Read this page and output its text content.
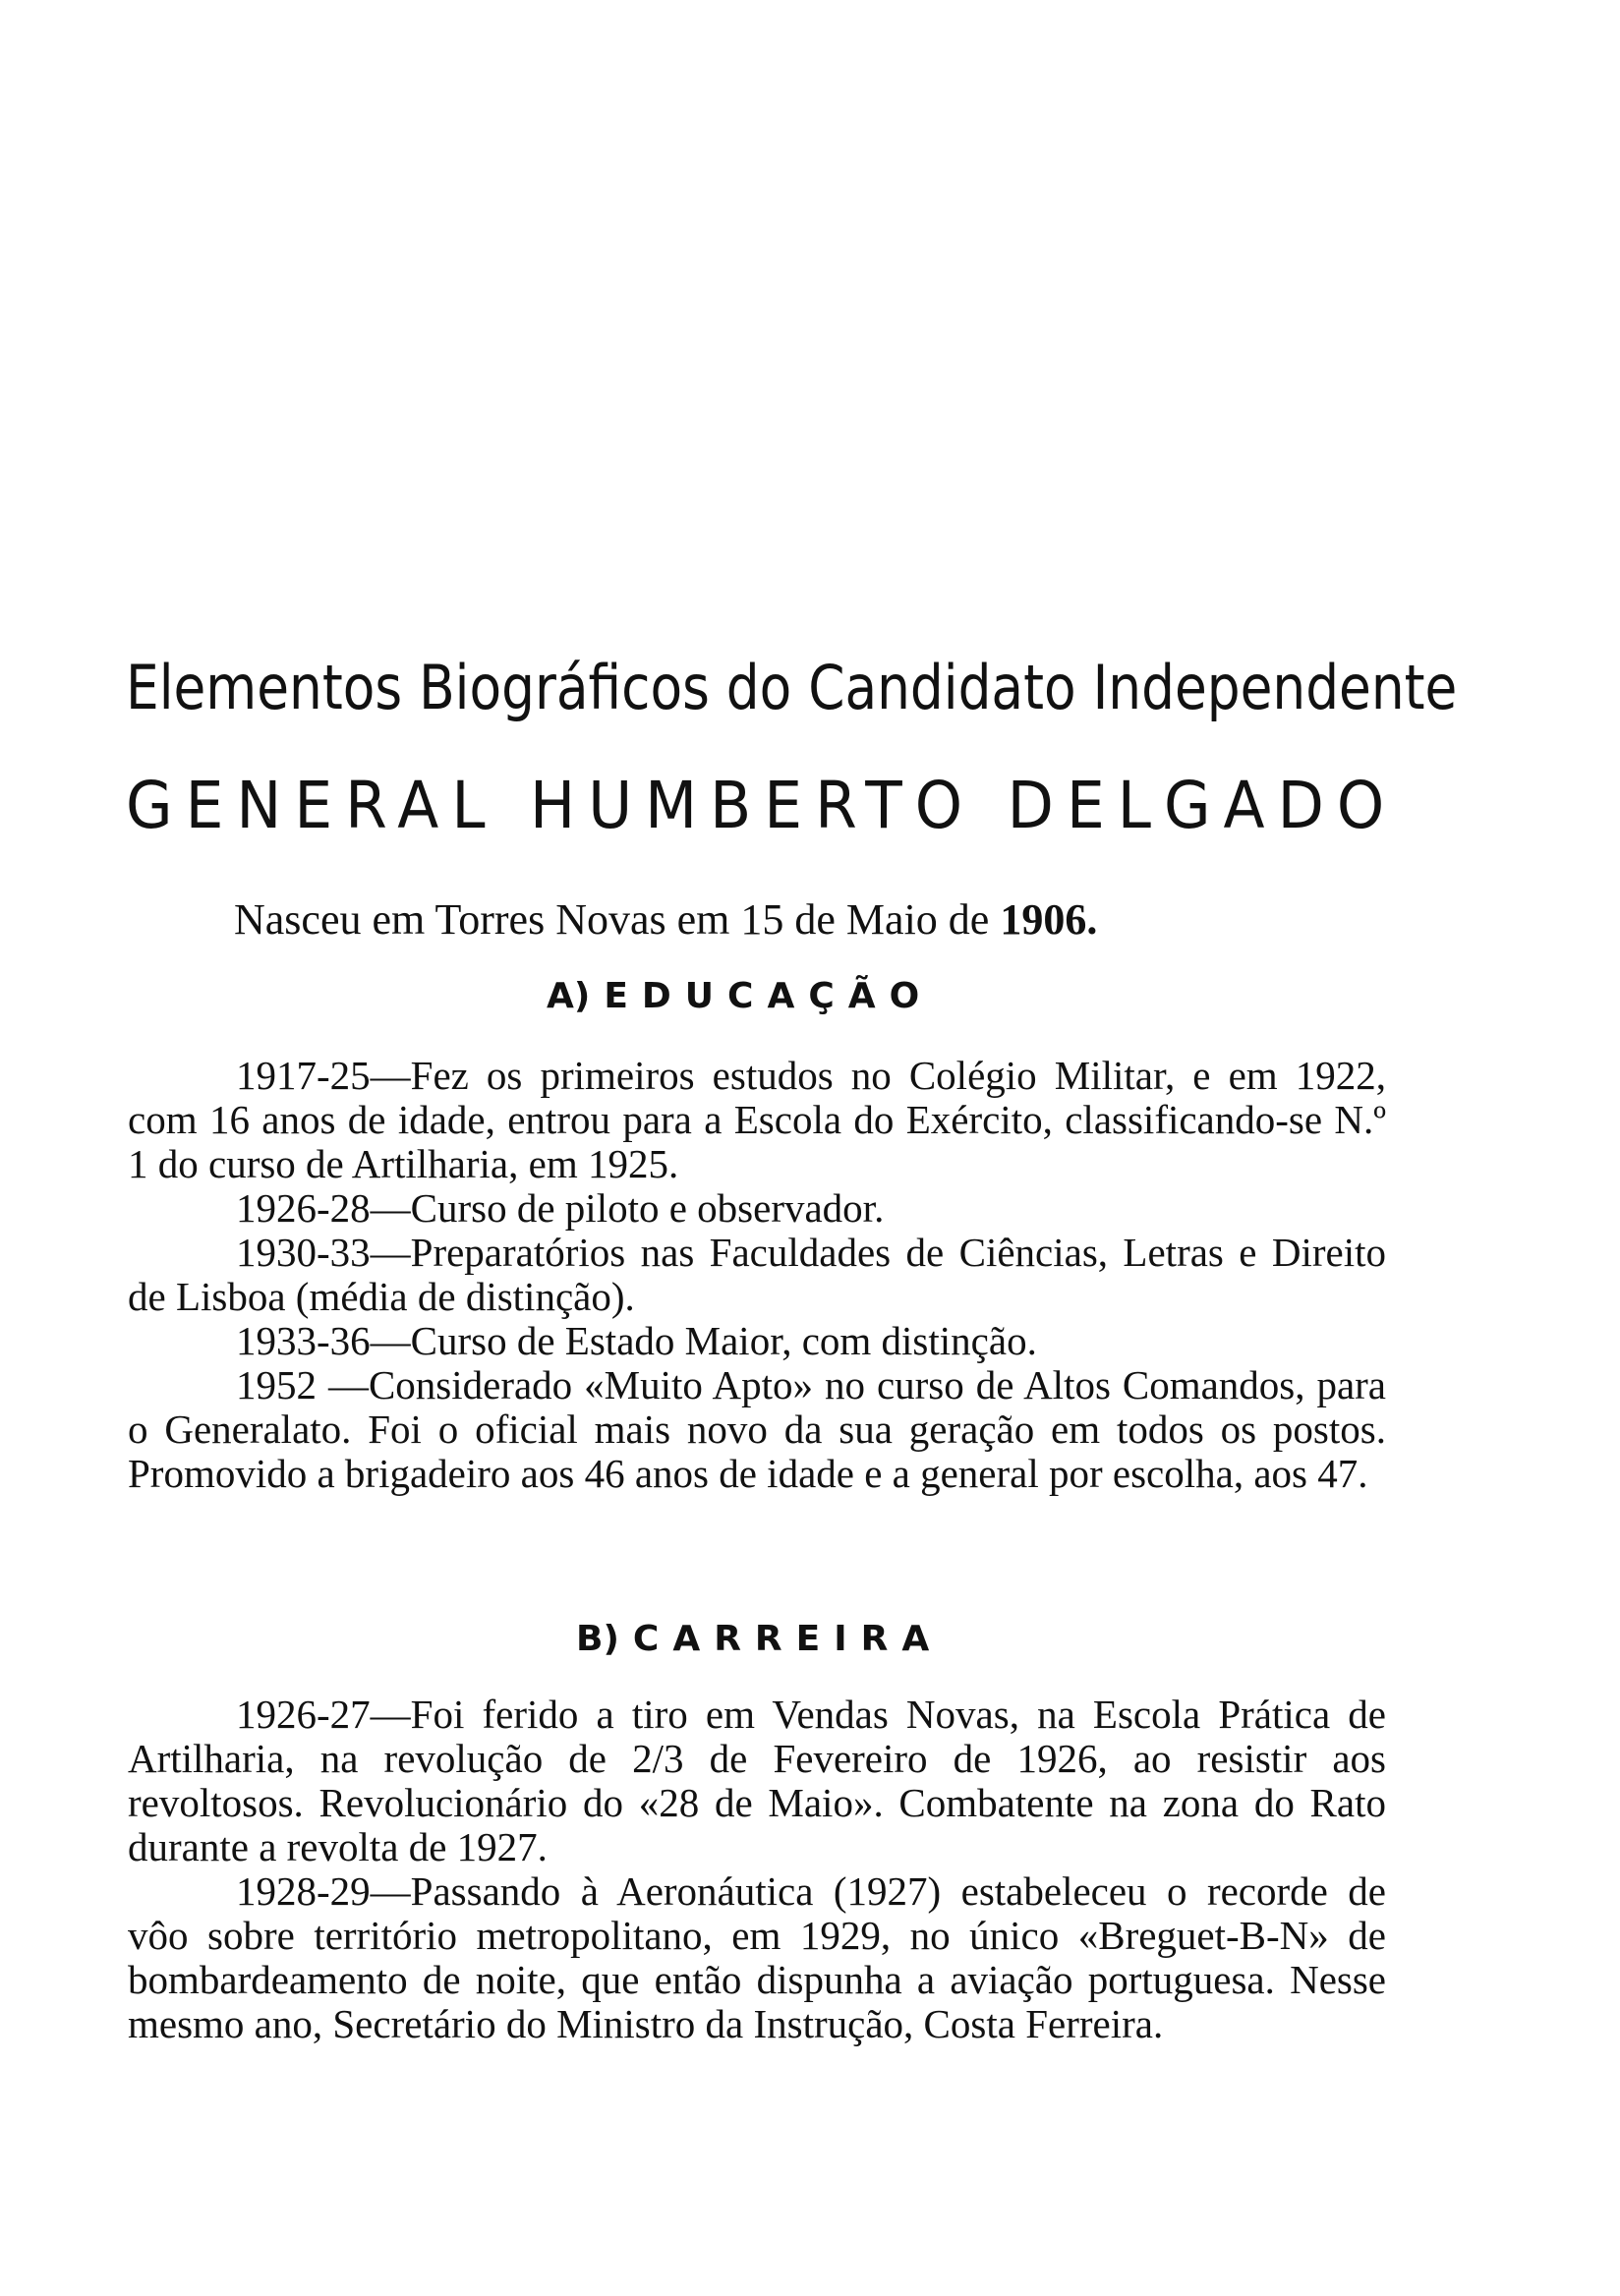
Elementos Biográficos do Candidato Independente
GENERAL HUMBERTO DELGADO
Nasceu em Torres Novas em 15 de Maio de 1906.
A) EDUCAÇÃO

1917-25—Fez os primeiros estudos no Colégio Militar, e em 1922, com 16 anos de idade, entrou para a Escola do Exército, classificando-se N.º 1 do curso de Artilharia, em 1925.

1926-28—Curso de piloto e observador.

1930-33—Preparatórios nas Faculdades de Ciências, Letras e Direito de Lisboa (média de distinção).

1933-36—Curso de Estado Maior, com distinção.

1952 —Considerado «Muito Apto» no curso de Altos Comandos, para o Generalato. Foi o oficial mais novo da sua geração em todos os postos. Promovido a brigadeiro aos 46 anos de idade e a general por escolha, aos 47.

B) CARREIRA

1926-27—Foi ferido a tiro em Vendas Novas, na Escola Prática de Artilharia, na revolução de 2/3 de Fevereiro de 1926, ao resistir aos revoltosos. Revolucionário do «28 de Maio». Combatente na zona do Rato durante a revolta de 1927.

1928-29—Passando à Aeronáutica (1927) estabeleceu o recorde de vôo sobre território metropolitano, em 1929, no único «Breguet-B-N» de bombardeamento de noite, que então dispunha a aviação portuguesa. Nesse mesmo ano, Secretário do Ministro da Instrução, Costa Ferreira.
